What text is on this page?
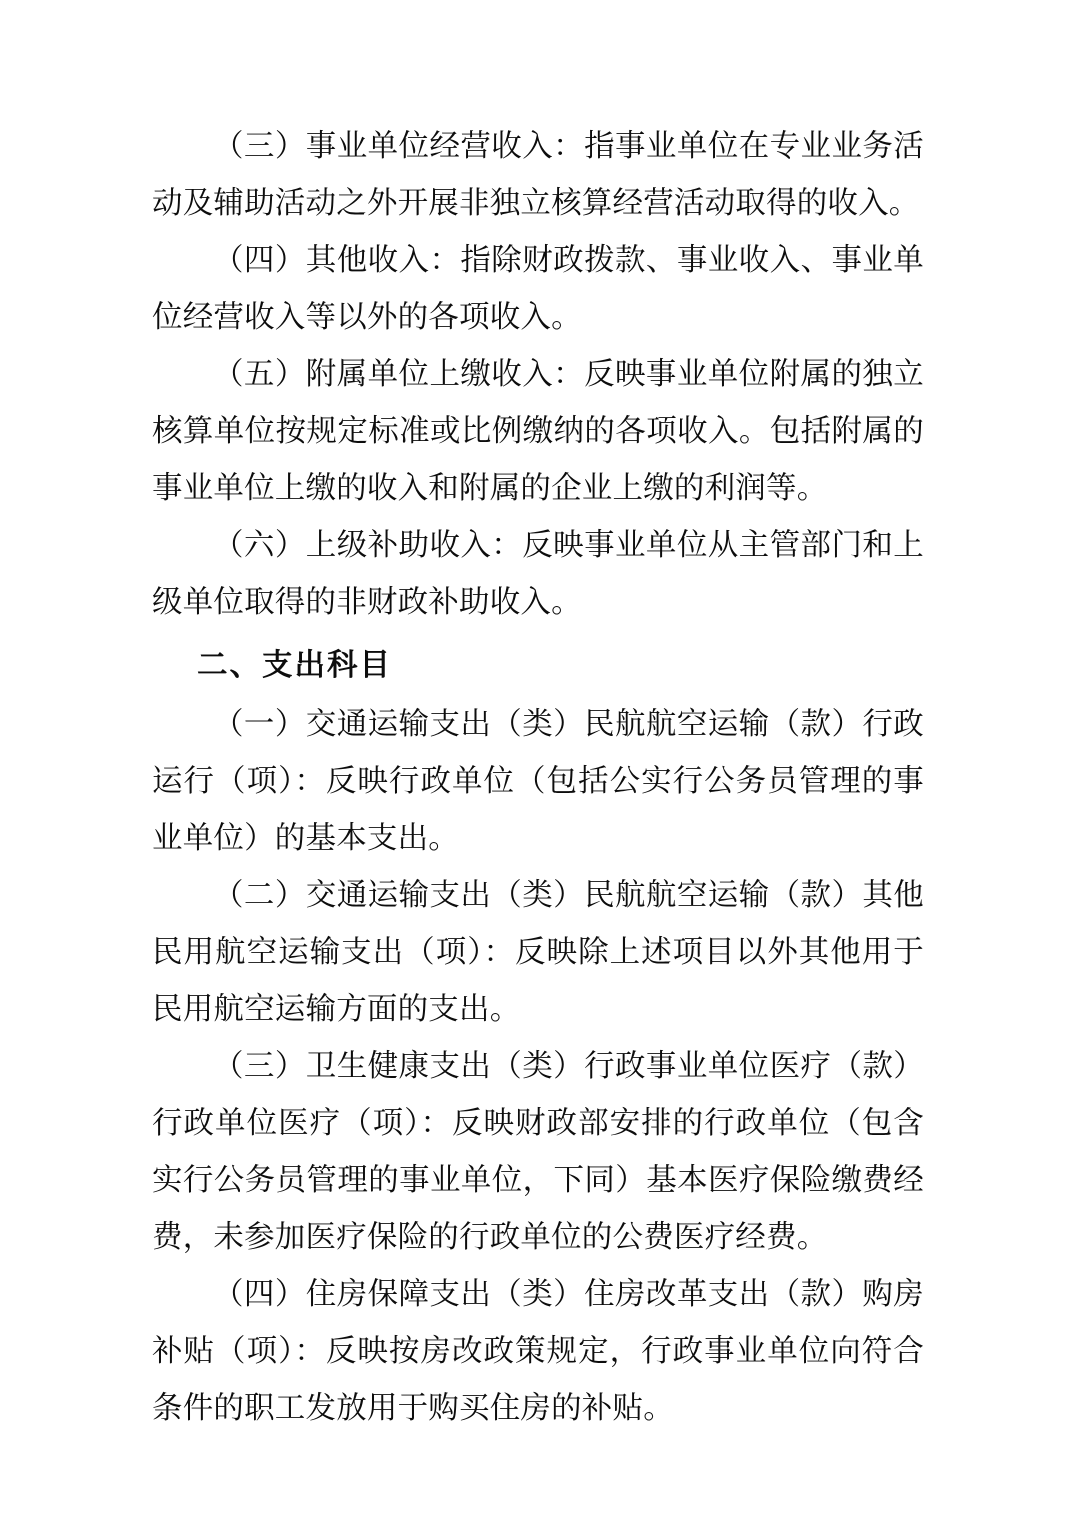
（三）事业单位经营收入：指事业单位在专业业务活动及辅助活动之外开展非独立核算经营活动取得的收入。

（四）其他收入：指除财政拨款、事业收入、事业单位经营收入等以外的各项收入。

（五）附属单位上缴收入：反映事业单位附属的独立核算单位按规定标准或比例缴纳的各项收入。包括附属的事业单位上缴的收入和附属的企业上缴的利润等。

（六）上级补助收入：反映事业单位从主管部门和上级单位取得的非财政补助收入。

二、支出科目

（一）交通运输支出（类）民航航空运输（款）行政运行（项）：反映行政单位（包括公实行公务员管理的事业单位）的基本支出。

（二）交通运输支出（类）民航航空运输（款）其他民用航空运输支出（项）：反映除上述项目以外其他用于民用航空运输方面的支出。

（三）卫生健康支出（类）行政事业单位医疗（款）行政单位医疗（项）：反映财政部安排的行政单位（包含实行公务员管理的事业单位，下同）基本医疗保险缴费经费，未参加医疗保险的行政单位的公费医疗经费。

（四）住房保障支出（类）住房改革支出（款）购房补贴（项）：反映按房改政策规定，行政事业单位向符合条件的职工发放用于购买住房的补贴。
